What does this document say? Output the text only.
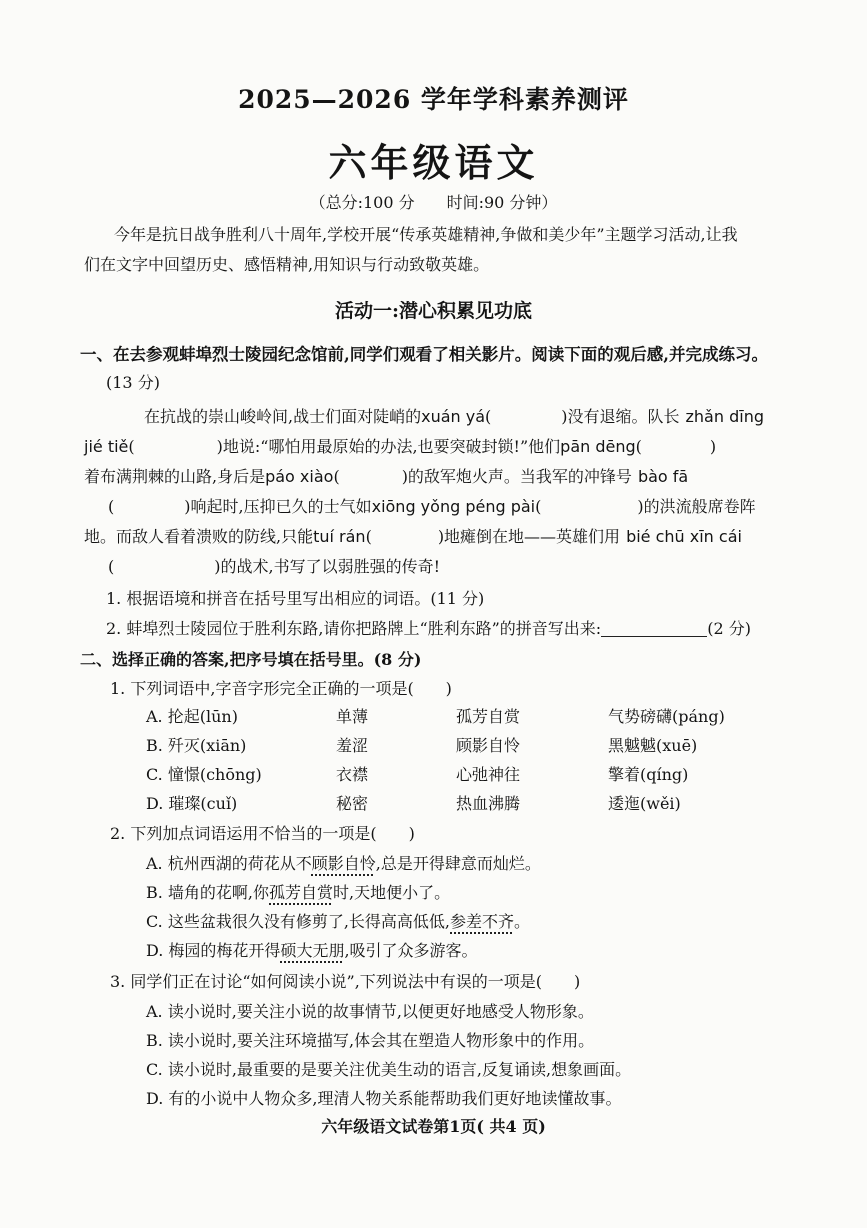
2025—2026 学年学科素养测评
六年级语文
（总分:100 分　　时间:90 分钟）
今年是抗日战争胜利八十周年,学校开展“传承英雄精神,争做和美少年”主题学习活动,让我
们在文字中回望历史、感悟精神,用知识与行动致敬英雄。
活动一:潜心积累见功底
一、在去参观蚌埠烈士陵园纪念馆前,同学们观看了相关影片。阅读下面的观后感,并完成练习。
(13 分)
在抗战的崇山峻岭间,战士们面对陡峭的xuán yá(	)没有退缩。队长 zhǎn dīng
jié tiě(	)地说:“哪怕用最原始的办法,也要突破封锁!”他们pān dēng(	)
着布满荆棘的山路,身后是páo xiào(	)的敌军炮火声。当我军的冲锋号 bào fā
(	)响起时,压抑已久的士气如xiōng yǒng péng pài(	)的洪流般席卷阵
地。而敌人看着溃败的防线,只能tuí rán(	)地瘫倒在地——英雄们用 bié chū xīn cái
(	)的战术,书写了以弱胜强的传奇!
1. 根据语境和拼音在括号里写出相应的词语。(11 分)
2. 蚌埠烈士陵园位于胜利东路,请你把路牌上“胜利东路”的拼音写出来:	(2 分)
二、选择正确的答案,把序号填在括号里。(8 分)
1. 下列词语中,字音字形完全正确的一项是(　　)
A. 抡起(lūn)	单薄	孤芳自赏	气势磅礴(páng)
B. 歼灭(xiān)	羞涩	顾影自怜	黑魆魆(xuē)
C. 憧憬(chōng)	衣襟	心弛神往	擎着(qíng)
D. 璀璨(cuǐ)	秘密	热血沸腾	逶迤(wěi)
2. 下列加点词语运用不恰当的一项是(　　)
A. 杭州西湖的荷花从不顾影自怜,总是开得肆意而灿烂。
B. 墙角的花啊,你孤芳自赏时,天地便小了。
C. 这些盆栽很久没有修剪了,长得高高低低,参差不齐。
D. 梅园的梅花开得硕大无朋,吸引了众多游客。
3. 同学们正在讨论“如何阅读小说”,下列说法中有误的一项是(　　)
A. 读小说时,要关注小说的故事情节,以便更好地感受人物形象。
B. 读小说时,要关注环境描写,体会其在塑造人物形象中的作用。
C. 读小说时,最重要的是要关注优美生动的语言,反复诵读,想象画面。
D. 有的小说中人物众多,理清人物关系能帮助我们更好地读懂故事。
六年级语文试卷第1页( 共4 页)
